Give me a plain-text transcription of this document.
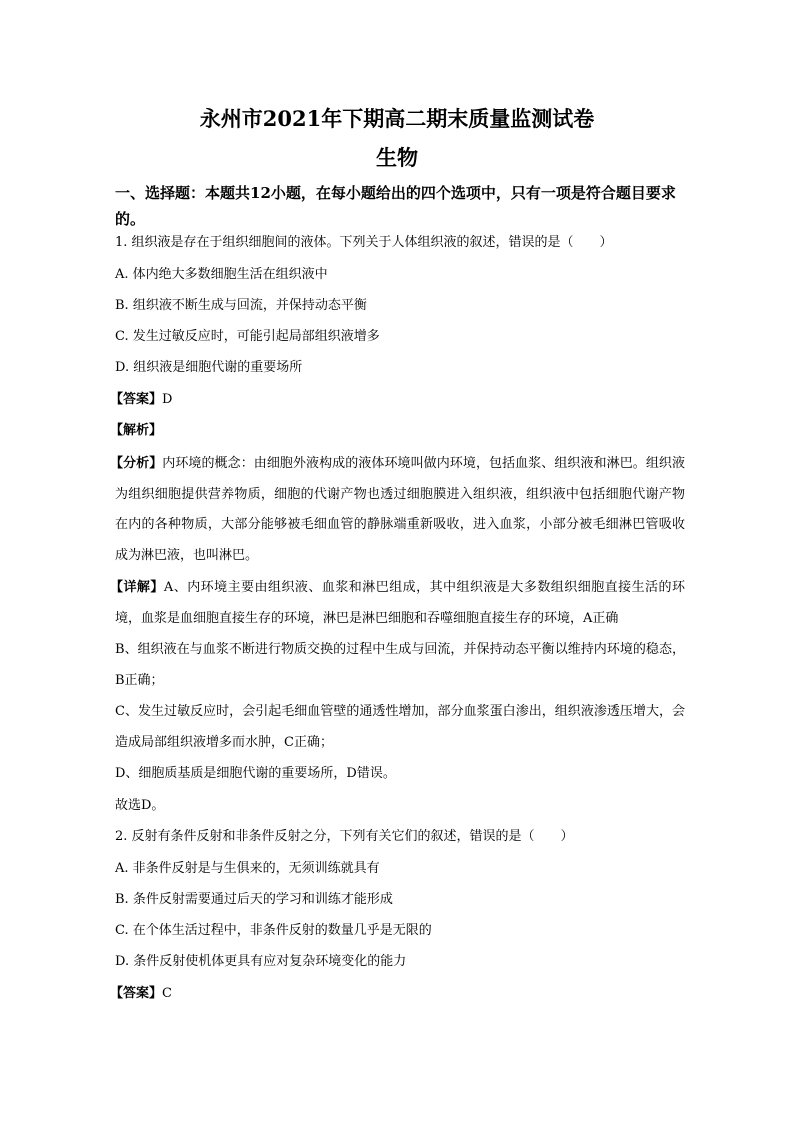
永州市2021年下期高二期末质量监测试卷
生物
一、选择题：本题共12小题，在每小题给出的四个选项中，只有一项是符合题目要求的。
1. 组织液是存在于组织细胞间的液体。下列关于人体组织液的叙述，错误的是（　　）
A. 体内绝大多数细胞生活在组织液中
B. 组织液不断生成与回流，并保持动态平衡
C. 发生过敏反应时，可能引起局部组织液增多
D. 组织液是细胞代谢的重要场所
【答案】D
【解析】
【分析】内环境的概念：由细胞外液构成的液体环境叫做内环境，包括血浆、组织液和淋巴。组织液为组织细胞提供营养物质，细胞的代谢产物也透过细胞膜进入组织液，组织液中包括细胞代谢产物在内的各种物质，大部分能够被毛细血管的静脉端重新吸收，进入血浆，小部分被毛细淋巴管吸收成为淋巴液，也叫淋巴。
【详解】A、内环境主要由组织液、血浆和淋巴组成，其中组织液是大多数组织细胞直接生活的环境，血浆是血细胞直接生存的环境，淋巴是淋巴细胞和吞噬细胞直接生存的环境，A正确
B、组织液在与血浆不断进行物质交换的过程中生成与回流，并保持动态平衡以维持内环境的稳态，B正确；
C、发生过敏反应时，会引起毛细血管壁的通透性增加，部分血浆蛋白渗出，组织液渗透压增大，会造成局部组织液增多而水肿，C正确；
D、细胞质基质是细胞代谢的重要场所，D错误。
故选D。
2. 反射有条件反射和非条件反射之分，下列有关它们的叙述，错误的是（　　）
A. 非条件反射是与生俱来的，无须训练就具有
B. 条件反射需要通过后天的学习和训练才能形成
C. 在个体生活过程中，非条件反射的数量几乎是无限的
D. 条件反射使机体更具有应对复杂环境变化的能力
【答案】C
